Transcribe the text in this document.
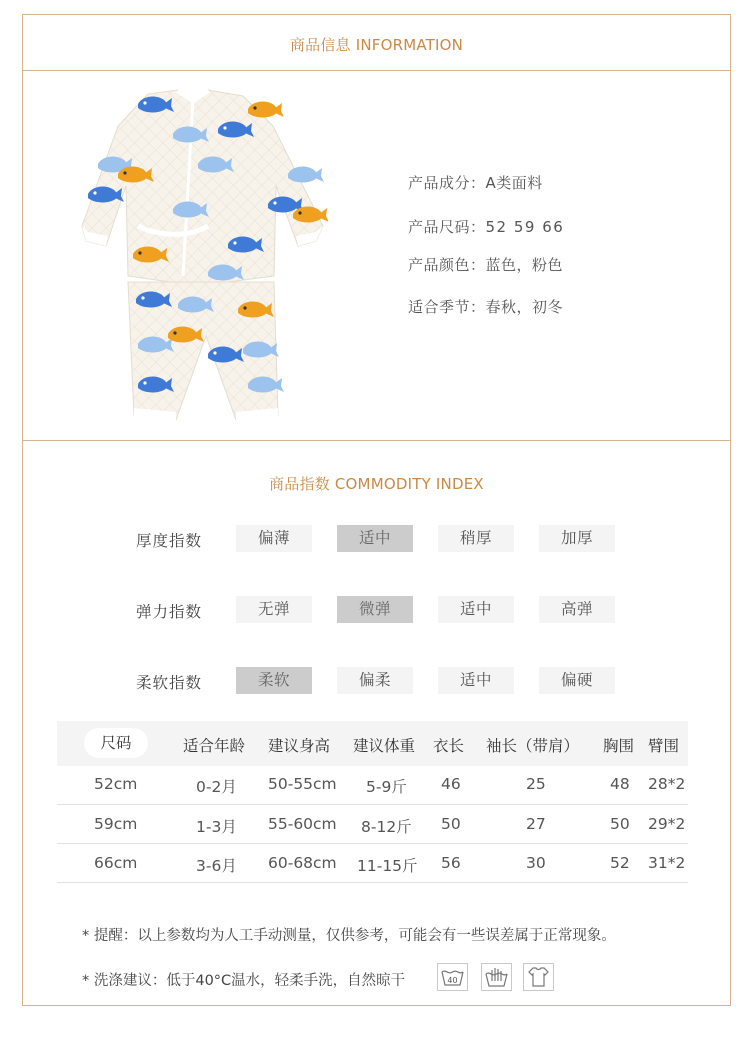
商品信息 INFORMATION
产品成分：A类面料
产品尺码：52 59 66
产品颜色：蓝色，粉色
适合季节：春秋，初冬
商品指数 COMMODITY INDEX
厚度指数	偏薄	适中	稍厚	加厚
弹力指数	无弹	微弹	适中	高弹
柔软指数	柔软	偏柔	适中	偏硬
尺码	适合年龄 建议身高 建议体重 衣长 袖长（带肩） 胸围 臂围
52cm	0-2月 50-55cm 5-9斤 46	25	48 28*2
59cm	1-3月 55-60cm 8-12斤 50	27	50 29*2
66cm	3-6月 60-68cm 11-15斤 56	30	52 31*2
* 提醒：以上参数均为人工手动测量，仅供参考，可能会有一些误差属于正常现象。
* 洗涤建议：低于40°C温水，轻柔手洗，自然晾干	40
